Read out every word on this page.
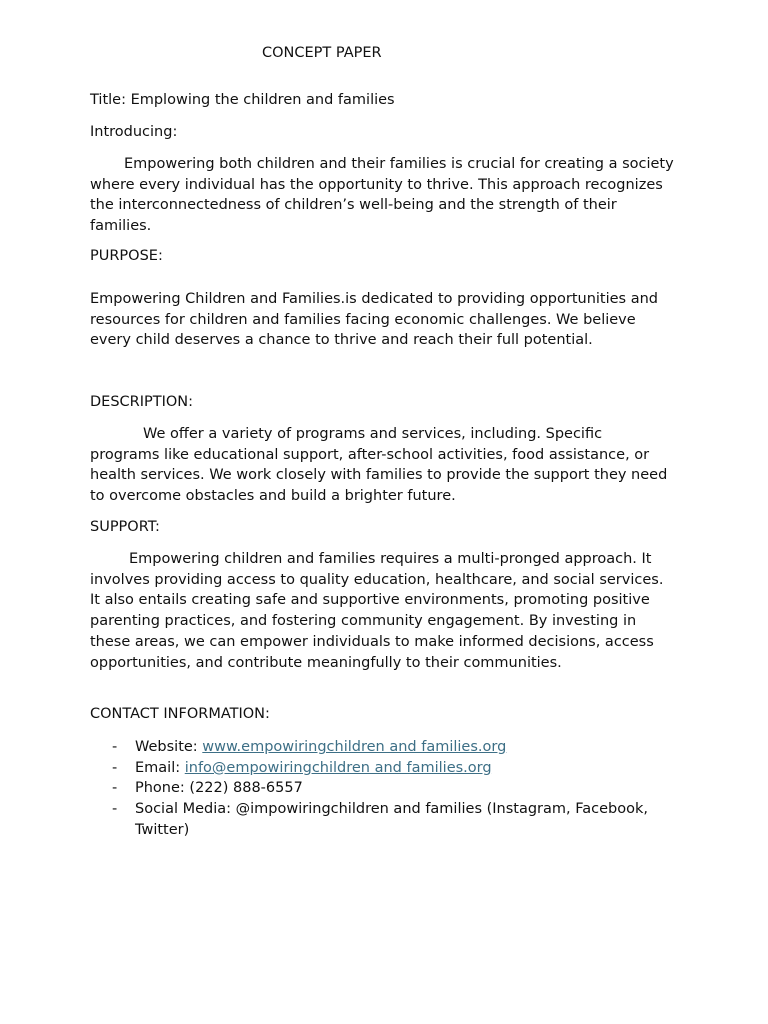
CONCEPT PAPER
Title: Emplowing the children and families
Introducing:
Empowering both children and their families is crucial for creating a society where every individual has the opportunity to thrive. This approach recognizes the interconnectedness of children’s well-being and the strength of their families.
PURPOSE:
Empowering Children and Families.is dedicated to providing opportunities and resources for children and families facing economic challenges. We believe every child deserves a chance to thrive and reach their full potential.
DESCRIPTION:
We offer a variety of programs and services, including. Specific programs like educational support, after-school activities, food assistance, or health services. We work closely with families to provide the support they need to overcome obstacles and build a brighter future.
SUPPORT:
Empowering children and families requires a multi-pronged approach. It involves providing access to quality education, healthcare, and social services. It also entails creating safe and supportive environments, promoting positive parenting practices, and fostering community engagement. By investing in these areas, we can empower individuals to make informed decisions, access opportunities, and contribute meaningfully to their communities.
CONTACT INFORMATION:
- Website: www.empowiringchildren and families.org
- Email: info@empowiringchildren and families.org
- Phone: (222) 888-6557
- Social Media: @impowiringchildren and families (Instagram, Facebook, Twitter)
